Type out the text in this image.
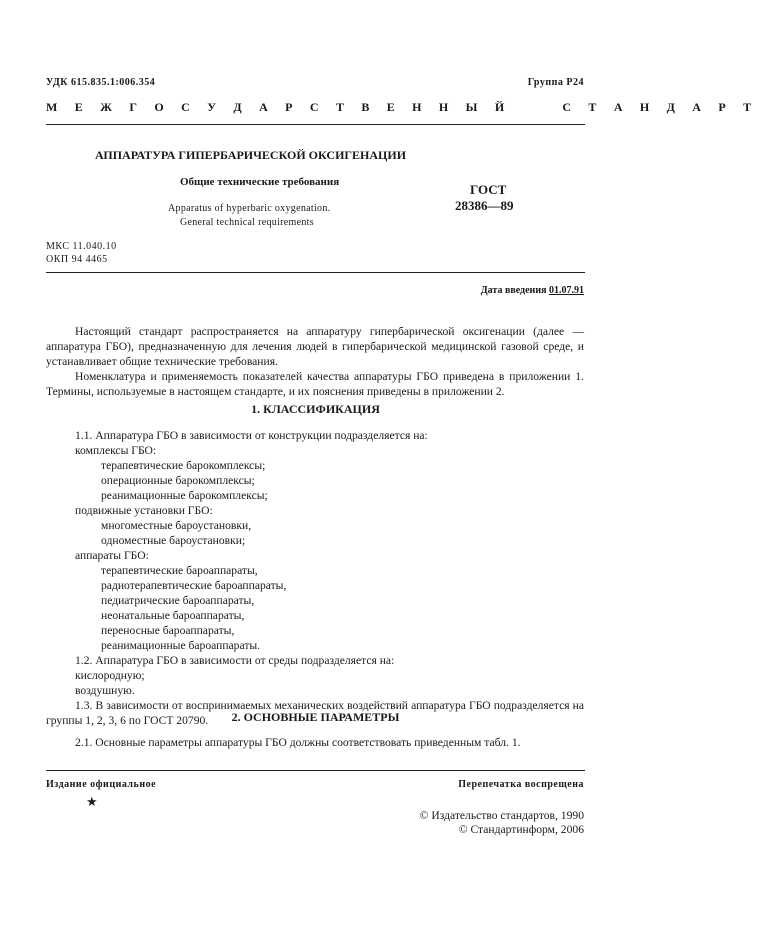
УДК 615.835.1:006.354	Группа Р24
М Е Ж Г О С У Д А Р С Т В Е Н Н Ы Й     С Т А Н Д А Р Т
АППАРАТУРА ГИПЕРБАРИЧЕСКОЙ ОКСИГЕНАЦИИ
Общие технические требования
Apparatus of hyperbaric oxygenation.
General technical requirements
ГОСТ
28386—89
МКС 11.040.10
ОКП 94 4465
Дата введения 01.07.91
Настоящий стандарт распространяется на аппаратуру гипербарической оксигенации (далее — аппаратура ГБО), предназначенную для лечения людей в гипербарической медицинской газовой среде, и устанавливает общие технические требования.
Номенклатура и применяемость показателей качества аппаратуры ГБО приведена в приложении 1. Термины, используемые в настоящем стандарте, и их пояснения приведены в приложении 2.
1. КЛАССИФИКАЦИЯ
1.1. Аппаратура ГБО в зависимости от конструкции подразделяется на:
комплексы ГБО:
терапевтические барокомплексы;
операционные барокомплексы;
реанимационные барокомплексы;
подвижные установки ГБО:
многоместные бароустановки,
одноместные бароустановки;
аппараты ГБО:
терапевтические бароаппараты,
радиотерапевтические бароаппараты,
педиатрические бароаппараты,
неонатальные бароаппараты,
переносные бароаппараты,
реанимационные бароаппараты.
1.2. Аппаратура ГБО в зависимости от среды подразделяется на:
кислородную;
воздушную.
1.3. В зависимости от воспринимаемых механических воздействий аппаратура ГБО подразделяется на группы 1, 2, 3, 6 по ГОСТ 20790.	2. ОСНОВНЫЕ ПАРАМЕТРЫ
2.1. Основные параметры аппаратуры ГБО должны соответствовать приведенным табл. 1.
Издание официальное	Перепечатка воспрещена
★
© Издательство стандартов, 1990
© Стандартинформ, 2006
